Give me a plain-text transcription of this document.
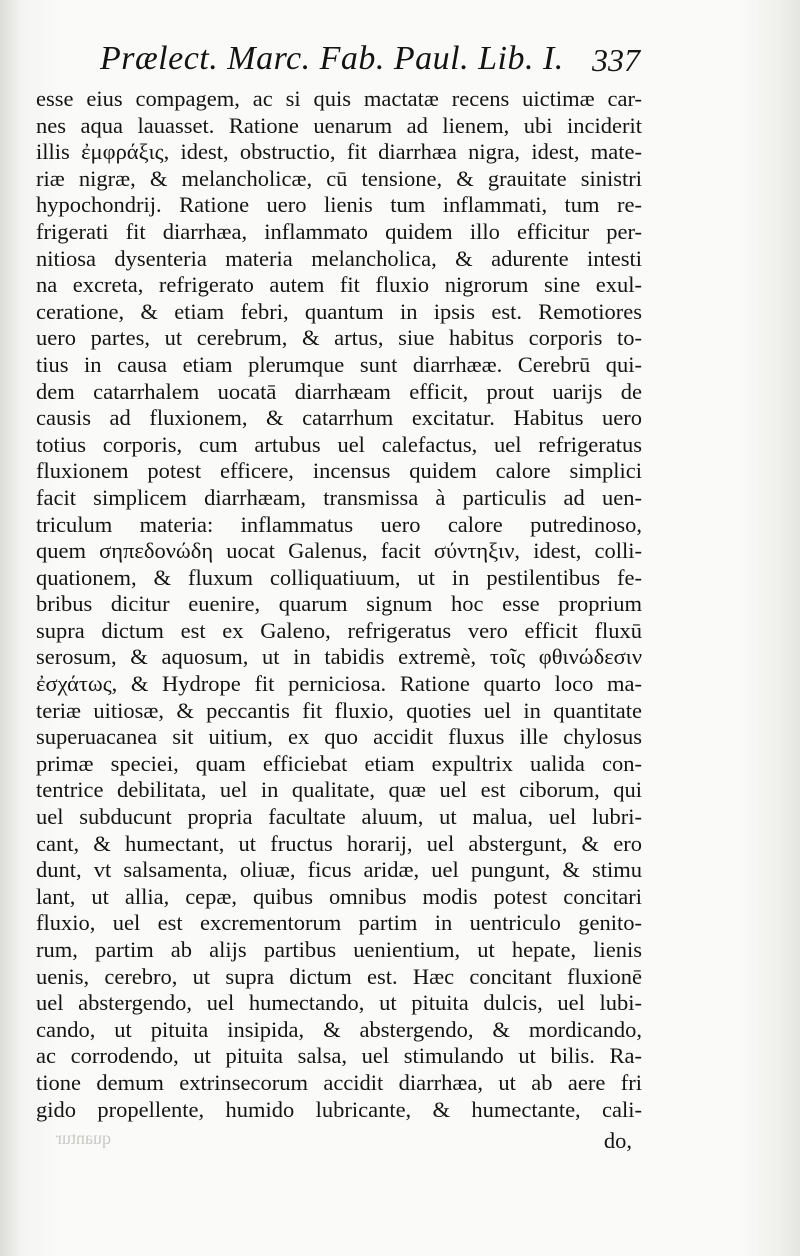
Prælect. Marc. Fab. Paul. Lib. I. 337
esse eius compagem, ac si quis mactatæ recens uictimæ car-
nes aqua lauasset. Ratione uenarum ad lienem, ubi inciderit
illis ἐμφράξις, idest, obstructio, fit diarrhæa nigra, idest, mate-
riæ nigræ, & melancholicæ, cū tensione, & grauitate sinistri
hypochondrij. Ratione uero lienis tum inflammati, tum re-
frigerati fit diarrhæa, inflammato quidem illo efficitur per-
nitiosa dysenteria materia melancholica, & adurente intesti
na excreta, refrigerato autem fit fluxio nigrorum sine exul-
ceratione, & etiam febri, quantum in ipsis est. Remotiores
uero partes, ut cerebrum, & artus, siue habitus corporis to-
tius in causa etiam plerumque sunt diarrhææ. Cerebrū qui-
dem catarrhalem uocatā diarrhæam efficit, prout uarijs de
causis ad fluxionem, & catarrhum excitatur. Habitus uero
totius corporis, cum artubus uel calefactus, uel refrigeratus
fluxionem potest efficere, incensus quidem calore simplici
facit simplicem diarrhæam, transmissa à particulis ad uen-
triculum materia: inflammatus uero calore putredinoso,
quem σηπεδονώδη uocat Galenus, facit σύντηξιν, idest, colli-
quationem, & fluxum colliquatiuum, ut in pestilentibus fe-
bribus dicitur euenire, quarum signum hoc esse proprium
supra dictum est ex Galeno, refrigeratus vero efficit fluxū
serosum, & aquosum, ut in tabidis extremè, τοῖς φθινώδεσιν
ἐσχάτως, & Hydrope fit perniciosa. Ratione quarto loco ma-
teriæ uitiosæ, & peccantis fit fluxio, quoties uel in quantitate
superuacanea sit uitium, ex quo accidit fluxus ille chylosus
primæ speciei, quam efficiebat etiam expultrix ualida con-
tentrice debilitata, uel in qualitate, quæ uel est ciborum, qui
uel subducunt propria facultate aluum, ut malua, uel lubri-
cant, & humectant, ut fructus horarij, uel abstergunt, & ero
dunt, vt salsamenta, oliuæ, ficus aridæ, uel pungunt, & stimu
lant, ut allia, cepæ, quibus omnibus modis potest concitari
fluxio, uel est excrementorum partim in uentriculo genito-
rum, partim ab alijs partibus uenientium, ut hepate, lienis
uenis, cerebro, ut supra dictum est. Hæc concitant fluxionē
uel abstergendo, uel humectando, ut pituita dulcis, uel lubi-
cando, ut pituita insipida, & abstergendo, & mordicando,
ac corrodendo, ut pituita salsa, uel stimulando ut bilis. Ra-
tione demum extrinsecorum accidit diarrhæa, ut ab aere fri
gido propellente, humido lubricante, & humectante, cali-
quantur	do,
